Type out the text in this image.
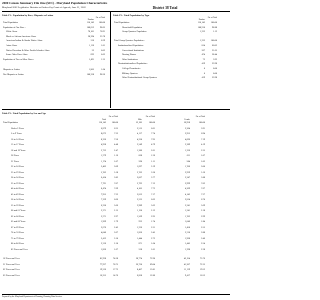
2000 Census Summary File One (SF1) - Maryland Population Characteristics
Maryland 2002 Legislative Districts as Ordered by Court of Appeals, June 21, 2002	District 38 Total
Table P1 : Population by Race, Hispanic or Latino
Number
Pct. of Total
Total Population	110,143	100.00
Population of One Race :	108,652	98.65
White Alone	78,101	70.91
Black or African American Alone	28,394	25.78
American Indian & Alaska Native Alone	316	0.29
Asian Alone	1,116	1.01
Native Hawaiian & Other Pacific Islander Alone	33	0.03
Some Other Race Alone	692	0.63
Population of Two or More Races	1,491	1.35
Hispanic or Latino	1,805	1.64
Not Hispanic or Latino	108,338	98.36
Table P2 : Total Population by Type
Number
Pct. of Total
Total Population :	110,143	100.00
Household Population	108,910	98.88
Group Quarters Population	1,233	1.12
Total Group Quarters Population :	1,233	100.00
Institutionalized Population :	814	66.02
Correctional Institutions	267	21.65
Nursing Homes	474	38.44
Other Institutions	73	5.92
Noninstitutionalized Population :	419	33.98
College Dormitories	0	0.00
Military Quarters	0	0.00
Other Noninstitutional Group Quarters	419	33.98
Table P3 : Total Population by Sex and Age
Total
Pct. of Total
Male
Pct. of Total
Female
Pct. of Total
Total Population	110,143	100.00	53,185	100.00	56,958	100.00
Under 5 Years	6,879	6.25	3,515	6.61	3,364	5.91
5 to 9 Years	8,072	7.33	4,117	7.74	3,955	6.94
10 to 14 Years	8,326	7.56	4,230	7.95	4,096	7.19
15 to 17 Years	4,938	4.48	2,549	4.79	2,389	4.19
18 and 19 Years	2,722	2.47	1,386	2.61	1,336	2.35
20 Years	1,279	1.16	668	1.26	611	1.07
21 Years	1,174	1.07	590	1.11	584	1.03
22 to 24 Years	3,403	3.09	1,697	3.19	1,706	3.00
25 to 29 Years	5,702	5.18	2,763	5.20	2,939	5.16
30 to 34 Years	6,414	5.82	3,067	5.77	3,347	5.88
35 to 39 Years	7,791	7.07	3,792	7.13	3,999	7.02
40 to 44 Years	8,474	7.69	4,105	7.72	4,369	7.67
45 to 49 Years	7,955	7.22	3,813	7.17	4,142	7.27
50 to 54 Years	7,339	6.66	3,525	6.63	3,814	6.70
55 to 59 Years	6,230	5.66	2,989	5.62	3,241	5.69
60 and 61 Years	2,371	2.15	1,130	2.12	1,241	2.18
62 to 64 Years	3,271	2.97	1,569	2.95	1,702	2.99
65 and 66 Years	1,969	1.79	923	1.74	1,046	1.84
67 to 69 Years	2,676	2.43	1,226	2.31	1,450	2.55
70 to 74 Years	4,046	3.67	1,836	3.45	2,210	3.88
75 to 79 Years	3,412	3.10	1,444	2.72	1,968	3.46
80 to 84 Years	2,316	2.10	871	1.64	1,445	2.54
85 Years and Over	1,836	1.67	538	1.01	1,298	2.28
18 Years and Over	81,928	74.38	38,774	72.90	43,154	75.76
21 Years and Over	77,927	70.75	36,720	69.04	41,207	72.35
62 Years and Over	19,526	17.73	8,407	15.81	11,119	19.52
65 Years and Over	16,255	14.76	6,838	12.86	9,417	16.53
Prepared by the Maryland Department of Planning, Planning Data Services
